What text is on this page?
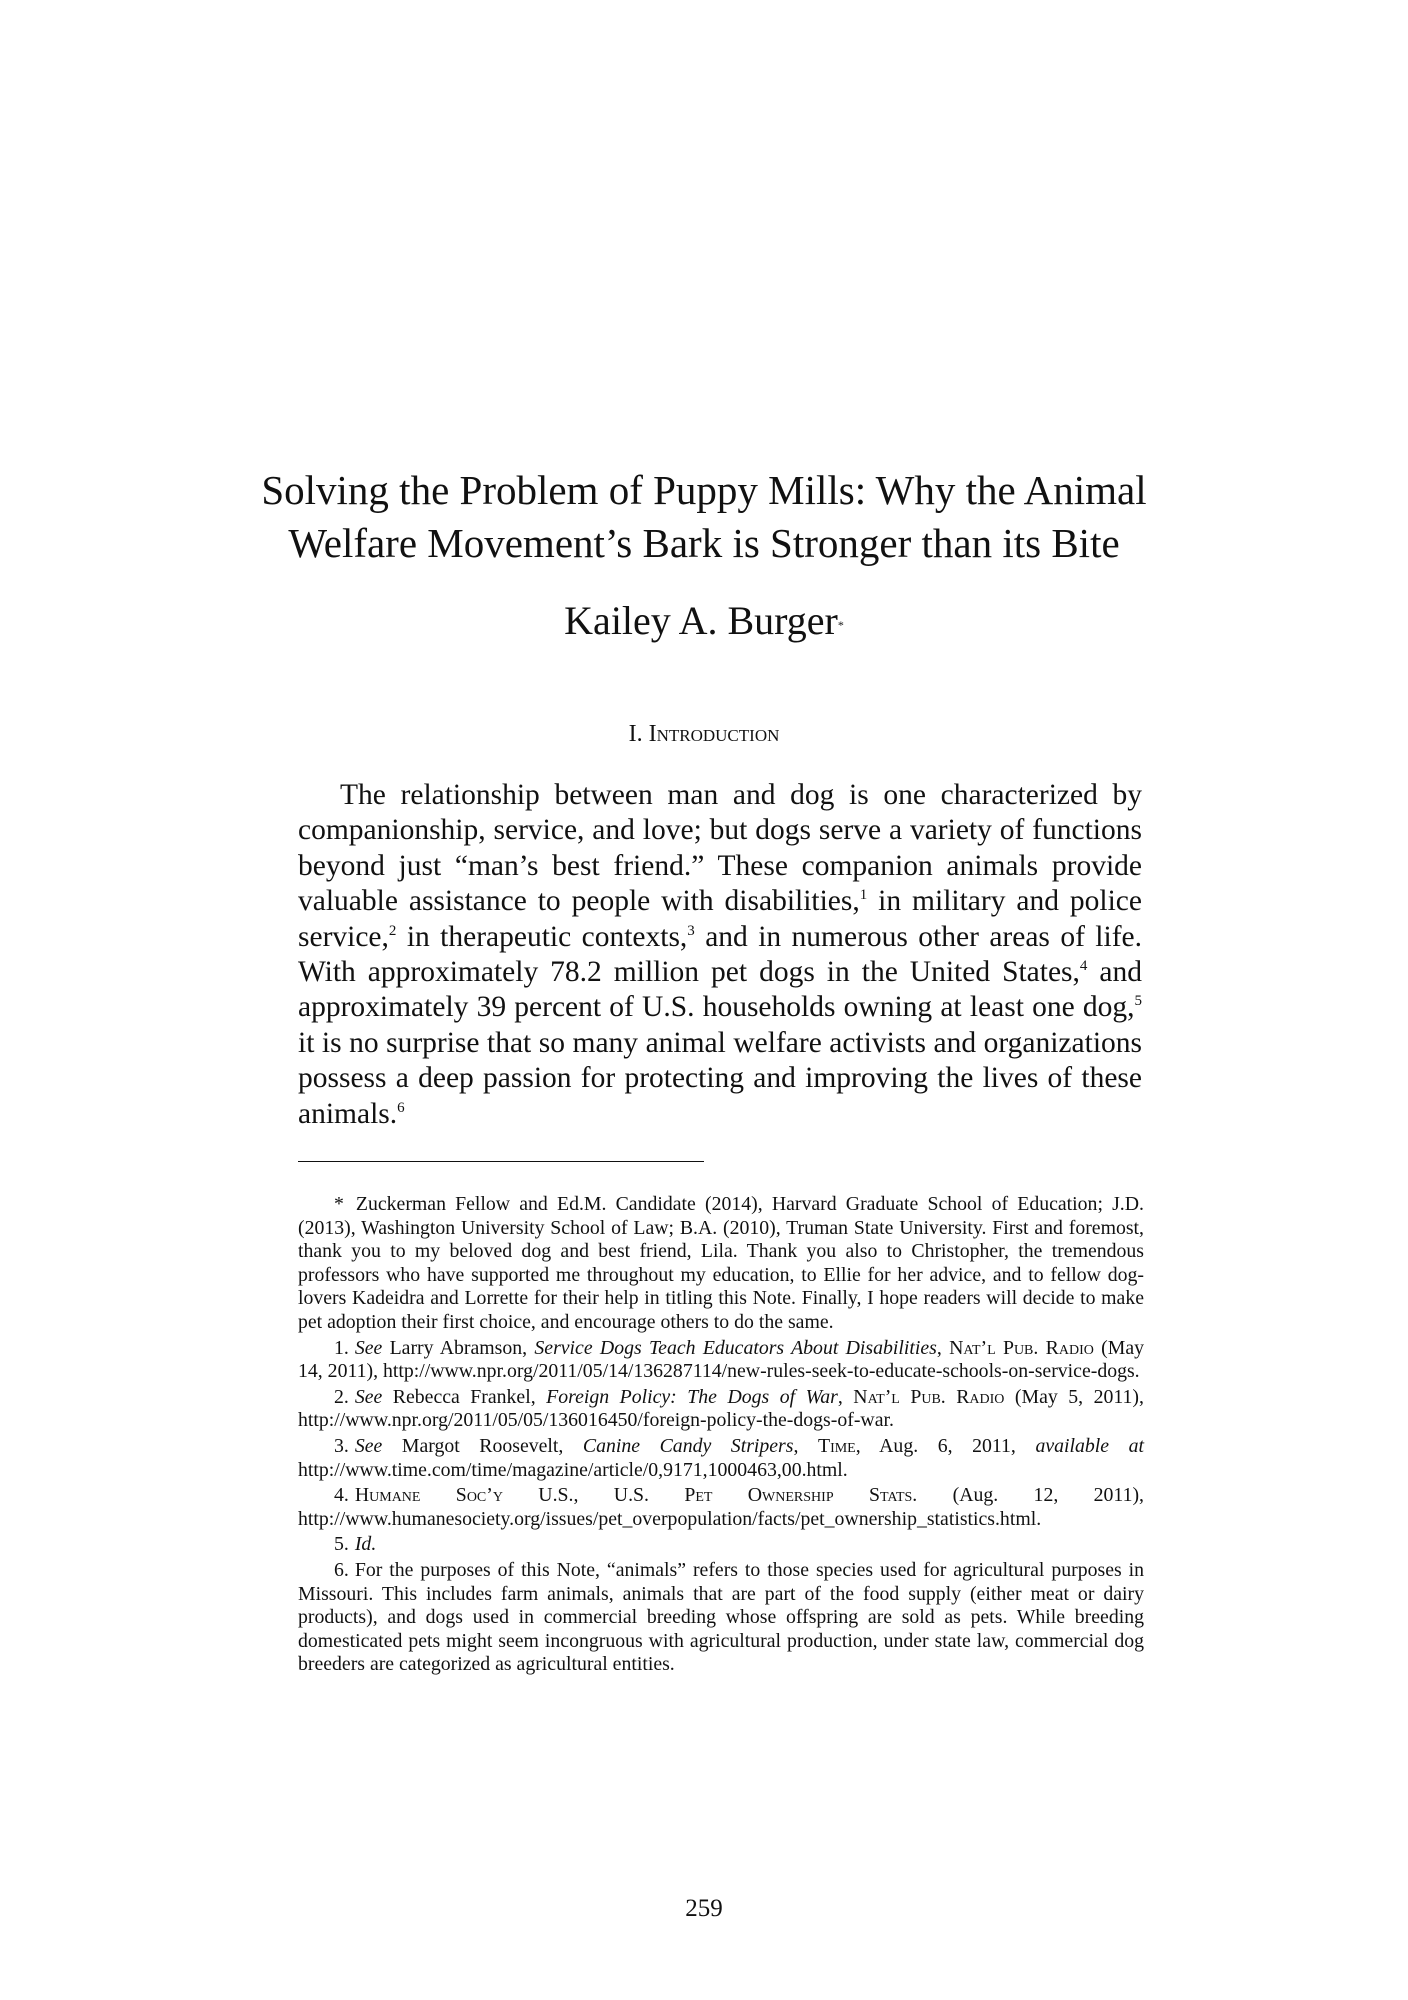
Solving the Problem of Puppy Mills: Why the Animal
Welfare Movement’s Bark is Stronger than its Bite
Kailey A. Burger*
I. Introduction

The relationship between man and dog is one characterized by companionship, service, and love; but dogs serve a variety of functions beyond just “man’s best friend.” These companion animals provide valuable assistance to people with disabilities,$^1$ in military and police service,$^2$ in therapeutic contexts,$^3$ and in numerous other areas of life. With approximately 78.2 million pet dogs in the United States,$^4$ and approximately 39 percent of U.S. households owning at least one dog,$^5$ it is no surprise that so many animal welfare activists and organizations possess a deep passion for protecting and improving the lives of these animals.$^6$

* Zuckerman Fellow and Ed.M. Candidate (2014), Harvard Graduate School of Education; J.D. (2013), Washington University School of Law; B.A. (2010), Truman State University. First and foremost, thank you to my beloved dog and best friend, Lila. Thank you also to Christopher, the tremendous professors who have supported me throughout my education, to Ellie for her advice, and to fellow dog-lovers Kadeidra and Lorrette for their help in titling this Note. Finally, I hope readers will decide to make pet adoption their first choice, and encourage others to do the same.

1. See Larry Abramson, Service Dogs Teach Educators About Disabilities, Nat’l Pub. Radio (May 14, 2011), http://www.npr.org/2011/05/14/136287114/new-rules-seek-to-educate-schools-on-service-dogs.

2. See Rebecca Frankel, Foreign Policy: The Dogs of War, Nat’l Pub. Radio (May 5, 2011), http://www.npr.org/2011/05/05/136016450/foreign-policy-the-dogs-of-war.

3. See Margot Roosevelt, Canine Candy Stripers, Time, Aug. 6, 2011, available at http://www.time.com/time/magazine/article/0,9171,1000463,00.html.

4. Humane Soc’y U.S., U.S. Pet Ownership Stats. (Aug. 12, 2011), http://www.humanesociety.org/issues/pet_overpopulation/facts/pet_ownership_statistics.html.

5. Id.

6. For the purposes of this Note, “animals” refers to those species used for agricultural purposes in Missouri. This includes farm animals, animals that are part of the food supply (either meat or dairy products), and dogs used in commercial breeding whose offspring are sold as pets. While breeding domesticated pets might seem incongruous with agricultural production, under state law, commercial dog breeders are categorized as agricultural entities.

259
